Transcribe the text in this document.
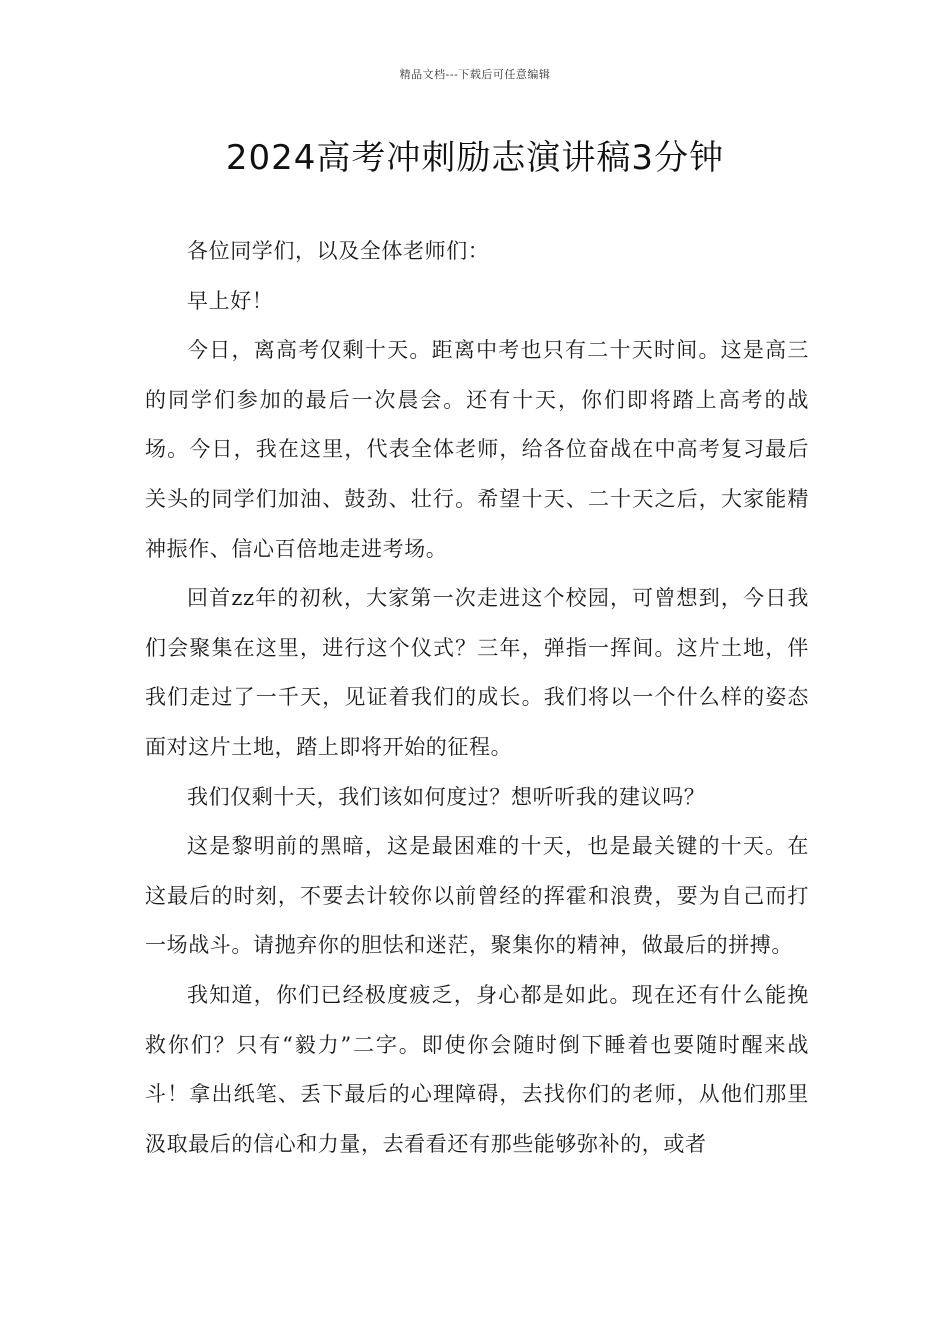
精品文档---下载后可任意编辑
2024高考冲刺励志演讲稿3分钟

各位同学们，以及全体老师们：

早上好！

今日，离高考仅剩十天。距离中考也只有二十天时间。这是高三的同学们参加的最后一次晨会。还有十天，你们即将踏上高考的战场。今日，我在这里，代表全体老师，给各位奋战在中高考复习最后关头的同学们加油、鼓劲、壮行。希望十天、二十天之后，大家能精神振作、信心百倍地走进考场。

回首zz年的初秋，大家第一次走进这个校园，可曾想到，今日我们会聚集在这里，进行这个仪式？三年，弹指一挥间。这片土地，伴我们走过了一千天，见证着我们的成长。我们将以一个什么样的姿态面对这片土地，踏上即将开始的征程。

我们仅剩十天，我们该如何度过？想听听我的建议吗？

这是黎明前的黑暗，这是最困难的十天，也是最关键的十天。在这最后的时刻，不要去计较你以前曾经的挥霍和浪费，要为自己而打一场战斗。请抛弃你的胆怯和迷茫，聚集你的精神，做最后的拼搏。

我知道，你们已经极度疲乏，身心都是如此。现在还有什么能挽救你们？只有“毅力”二字。即使你会随时倒下睡着也要随时醒来战斗！拿出纸笔、丢下最后的心理障碍，去找你们的老师，从他们那里汲取最后的信心和力量，去看看还有那些能够弥补的，或者
